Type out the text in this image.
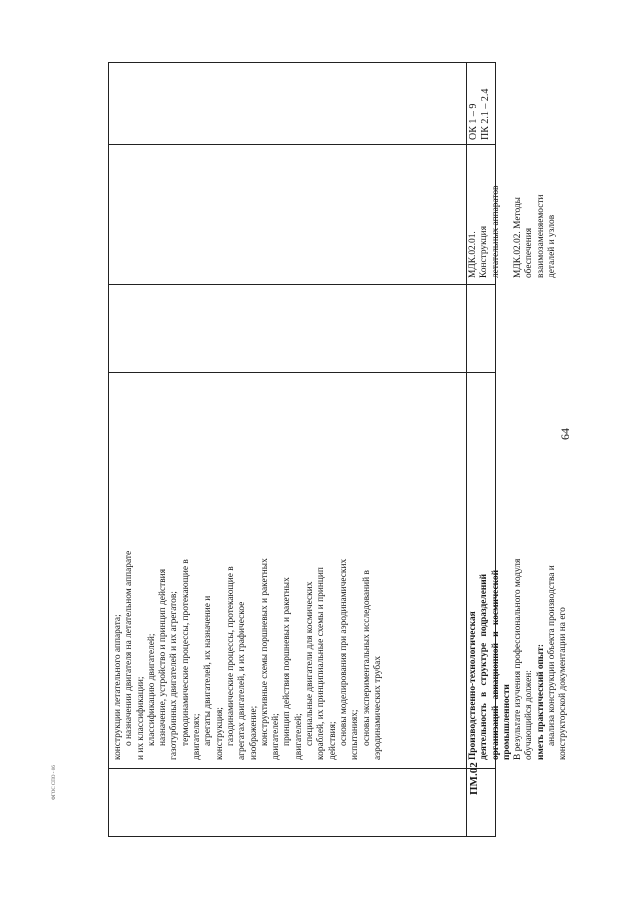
64
ФГОС СПО - 06
конструкции летательного аппарата; о назначении двигателя на летательном аппарате и их классификации; классификацию двигателей; назначение, устройство и принцип действия газотурбинных двигателей и их агрегатов; термодинамические процессы, протекающие в двигателях; агрегаты двигателей, их назначение и конструкция; газодинамические процессы, протекающие в агрегатах двигателей, и их графическое изображение; конструктивные схемы поршневых и ракетных двигателей; принцип действия поршневых и ракетных двигателей; специальные двигатели для космических кораблей, их принципиальные схемы и принцип действия; основы моделирования при аэродинамических испытаниях; основы экспериментальных исследований в аэродинамических трубах
ПМ.02
Производственно-технологическая деятельность в структуре подразделений организаций авиационной и космической промышленности В результате изучения профессионального модуля обучающийся должен: иметь практический опыт: анализа конструкции объекта производства и конструкторской документации на его
МДК.02.01. Конструкция летательных аппаратов
МДК.02.02. Методы обеспечения взаимозаменяемости деталей и узлов
ОК 1 – 9 ПК 2.1 – 2.4
